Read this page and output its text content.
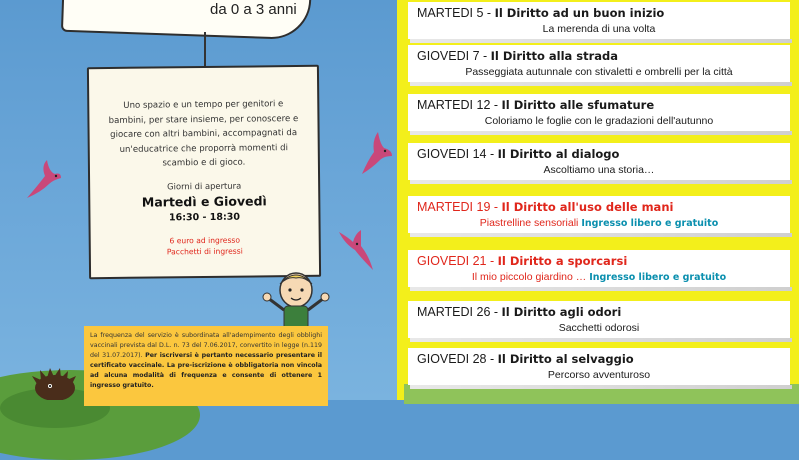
da 0 a 3 anni
Uno spazio e un tempo per genitori e bambini, per stare insieme, per conoscere e giocare con altri bambini, accompagnati da un'educatrice che proporrà momenti di scambio e di gioco.
Giorni di apertura
Martedì e Giovedì
16:30 - 18:30
6 euro ad ingresso
Pacchetti di ingressi
La frequenza del servizio è subordinata all'adempimento degli obblighi vaccinali prevista dal D.L. n. 73 del 7.06.2017, convertito in legge (n.119 del 31.07.2017). Per iscriversi è pertanto necessario presentare il certificato vaccinale. La pre-iscrizione è obbligatoria non vincola ad alcuna modalità di frequenza e consente di ottenere 1 ingresso gratuito.
MARTEDI 5 - Il Diritto ad un buon inizio
La merenda di una volta
GIOVEDI 7 - Il Diritto alla strada
Passeggiata autunnale con stivaletti e ombrelli per la città
MARTEDI 12 - Il Diritto alle sfumature
Coloriamo le foglie con le gradazioni dell'autunno
GIOVEDI 14 - Il Diritto al dialogo
Ascoltiamo una storia…
MARTEDI 19 - Il Diritto all'uso delle mani
Piastrelline sensoriali Ingresso libero e gratuito
GIOVEDI 21 - Il Diritto a sporcarsi
Il mio piccolo giardino … Ingresso libero e gratuito
MARTEDI 26 - Il Diritto agli odori
Sacchetti odorosi
GIOVEDI 28 - Il Diritto al selvaggio
Percorso avventuroso
